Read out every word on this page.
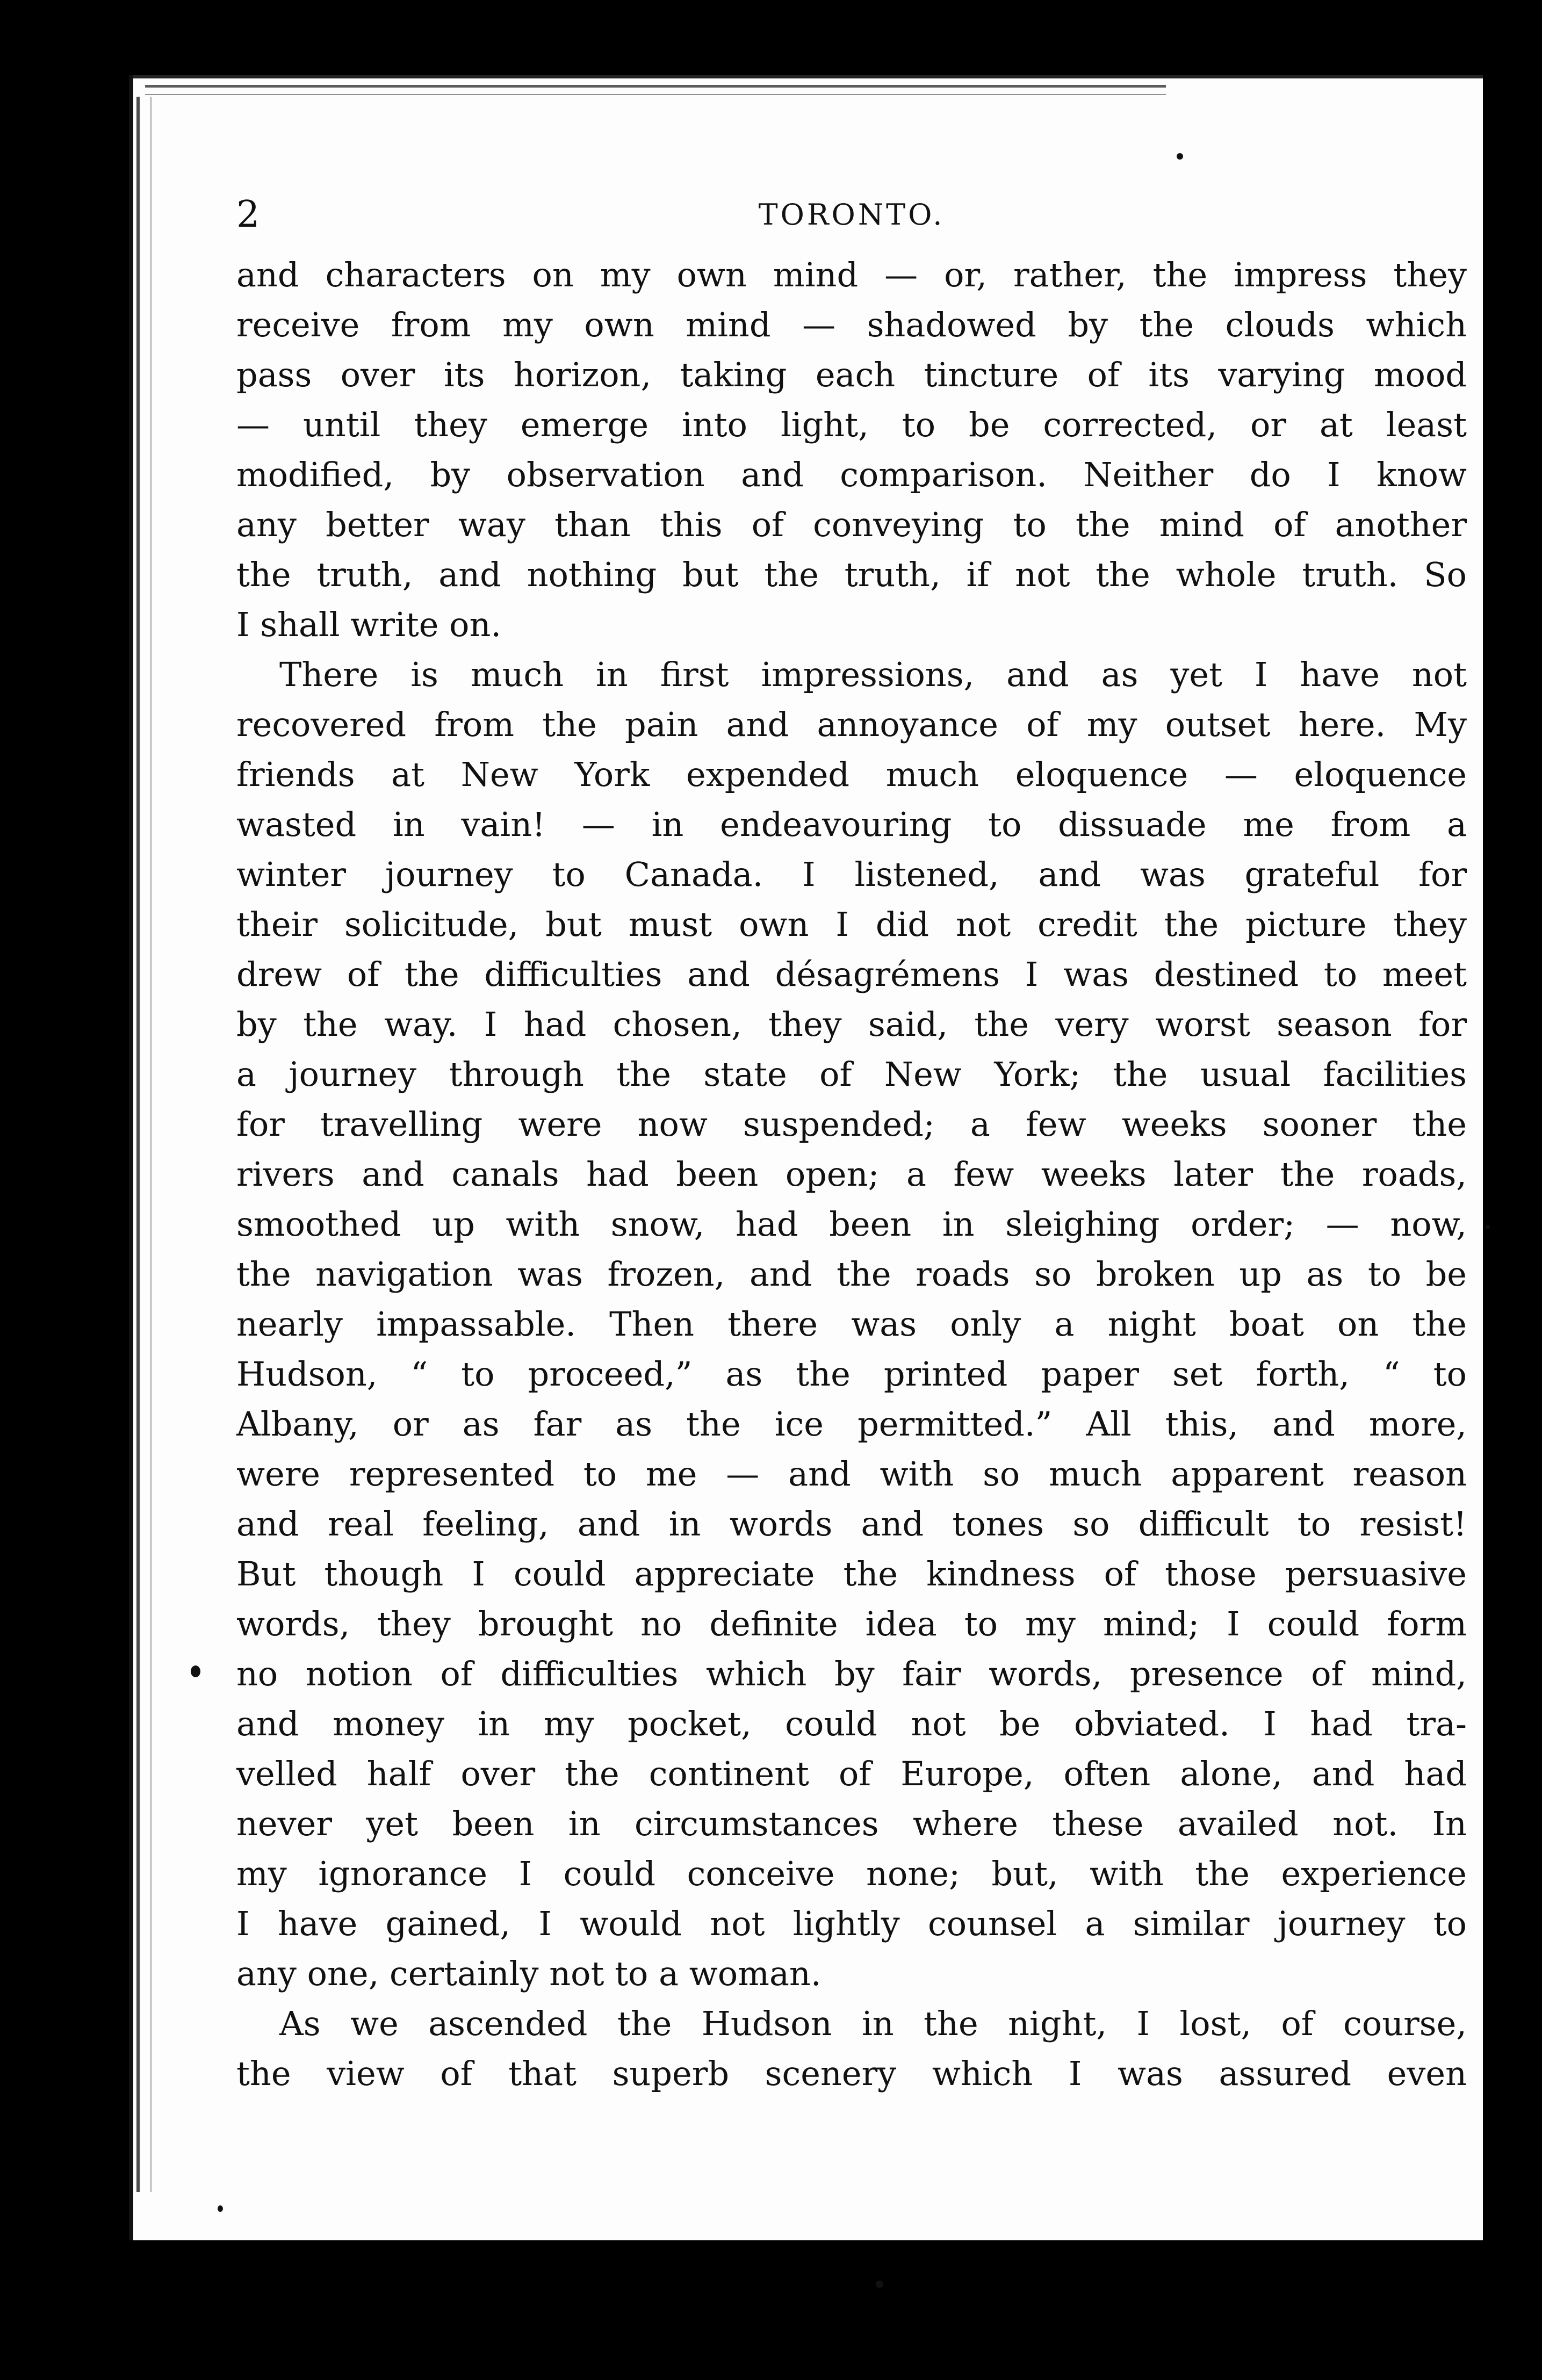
2	TORONTO.
and characters on my own mind — or, rather, the impress they
receive from my own mind — shadowed by the clouds which
pass over its horizon, taking each tincture of its varying mood
— until they emerge into light, to be corrected, or at least
modified, by observation and comparison. Neither do I know
any better way than this of conveying to the mind of another
the truth, and nothing but the truth, if not the whole truth. So
I shall write on.
There is much in first impressions, and as yet I have not
recovered from the pain and annoyance of my outset here. My
friends at New York expended much eloquence — eloquence
wasted in vain! — in endeavouring to dissuade me from a
winter journey to Canada. I listened, and was grateful for
their solicitude, but must own I did not credit the picture they
drew of the difficulties and désagrémens I was destined to meet
by the way. I had chosen, they said, the very worst season for
a journey through the state of New York; the usual facilities
for travelling were now suspended; a few weeks sooner the
rivers and canals had been open; a few weeks later the roads,
smoothed up with snow, had been in sleighing order; — now,
the navigation was frozen, and the roads so broken up as to be
nearly impassable. Then there was only a night boat on the
Hudson, “ to proceed,” as the printed paper set forth, “ to
Albany, or as far as the ice permitted.” All this, and more,
were represented to me — and with so much apparent reason
and real feeling, and in words and tones so difficult to resist!
But though I could appreciate the kindness of those persuasive
words, they brought no definite idea to my mind; I could form
no notion of difficulties which by fair words, presence of mind,
and money in my pocket, could not be obviated. I had tra-
velled half over the continent of Europe, often alone, and had
never yet been in circumstances where these availed not. In
my ignorance I could conceive none; but, with the experience
I have gained, I would not lightly counsel a similar journey to
any one, certainly not to a woman.
As we ascended the Hudson in the night, I lost, of course,
the view of that superb scenery which I was assured even
